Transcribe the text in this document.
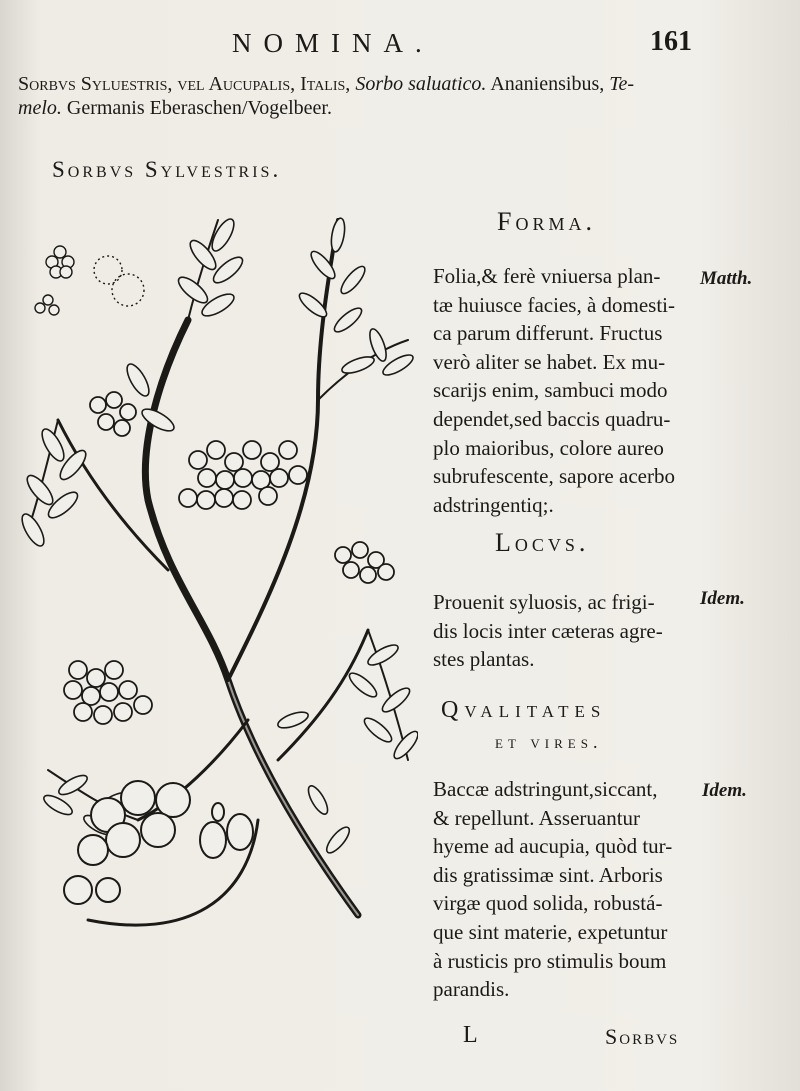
NOMINA.	161
Sorbvs Syluestris, vel Aucupalis, Italis, Sorbo saluatico. Ananiensibus, Te-
melo. Germanis Eberaschen/Vogelbeer.
Sorbvs Sylvestris.
Forma.
Folia,& ferè vniuersa plan-
tæ huiusce facies, à domesti-
ca parum differunt. Fructus
verò aliter se habet. Ex mu-
scarijs enim, sambuci modo
dependet,sed baccis quadru-
plo maioribus, colore aureo
subrufescente, sapore acerbo
adstringentiq;.
Matth.
Locvs.
Prouenit syluosis, ac frigi-
dis locis inter cæteras agre-
stes plantas.
Idem.
Qvalitates
et vires.
Baccæ adstringunt,siccant,
& repellunt. Asseruantur
hyeme ad aucupia, quòd tur-
dis gratissimæ sint. Arboris
virgæ quod solida, robustá-
que sint materie, expetuntur
à rusticis pro stimulis boum
parandis.
Idem.
L	Sorbvs
